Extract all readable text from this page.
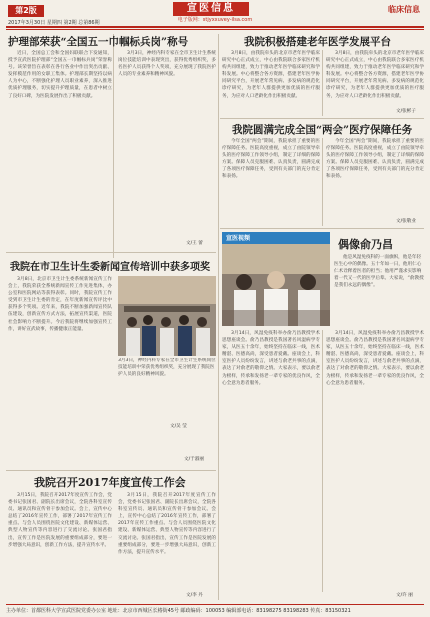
第2版	宣医信息
电子版网：stjyxxuvey-ilsa.com
临床信息
2017年3月30日 星期四 第2期 总第86期
护理部荣获“全国五一巾帼标兵岗”称号
近日，全国总工会和全国妇联联合下发通知，授予宣武医院护理部“全国五一巾帼标兵岗”荣誉称号。该荣誉旨在表彰在各行各业中作出突出贡献、发挥模范作用的女职工集体。护理部长期坚持以病人为中心，不断强化护理人员职业素养，深入推进优质护理服务，切实提升护理质量，在患者中树立了良好口碑，为医院发展作出了积极贡献。
文/王 蕾
3月3日，神经内科专家在全市卫生计生系统岗位技能培训中表现突出，获得优秀组织奖，多名医护人员获得个人奖项，充分展现了我院医护人员的专业素养和精神风貌。
我院在市卫生计生委新闻宣传培训中获多项奖
3月8日，北京市卫生计生委系统新闻宣传工作会上，我院荣获全系统新闻宣传工作先进集体，办公室和医院网站等获得表彰。同时，我院宣传工作受到市卫生计生委的肯定，在年度新闻宣传评比中获得多个奖项。近年来，我院不断加强新闻宣传队伍建设，创新宣传方式方法，拓展宣传渠道，医院社会影响力不断提升。今后我院将继续加强宣传工作，讲好宣武故事，传播健康正能量。
3月3日，神经内科专家在全市卫生计生系统岗位技能培训中荣获优秀组织奖，充分展现了我院医护人员的良好精神风貌。
文/吴 莹
文/于淑丽
我院召开2017年度宣传工作会
3月15日，我院召开2017年度宣传工作会，党委书记张国君、副院长出席会议，全院各科室宣传员、通讯员和宣传骨干参加会议。会上，宣传中心总结了2016年宣传工作，部署了2017年宣传工作重点。与会人员围绕医院文化建设、新媒体运营、典型人物宣传等内容进行了交流讨论。张国君指出，宣传工作是医院发展的重要组成部分，要进一步增强大局意识，创新工作方法，提升宣传水平。
3月15日，我院召开2017年度宣传工作会，党委书记张国君、副院长出席会议，全院各科室宣传员、通讯员和宣传骨干参加会议。会上，宣传中心总结了2016年宣传工作，部署了2017年宣传工作重点。与会人员围绕医院文化建设、新媒体运营、典型人物宣传等内容进行了交流讨论。张国君指出，宣传工作是医院发展的重要组成部分，要进一步增强大局意识，创新工作方法，提升宣传水平。
文/李 丹
我院积极搭建老年医学发展平台
3月8日，由我院牵头的北京市老年医学临床研究中心正式成立，中心由我院联合多家医疗机构共同组建，致力于推动老年医学临床研究和学科发展。中心将整合各方资源，搭建老年医学协同研究平台，开展老年常见病、多发病的规范化诊疗研究，为老年人群提供更加优质的医疗服务，为应对人口老龄化作出积极贡献。
3月8日，由我院牵头的北京市老年医学临床研究中心正式成立，中心由我院联合多家医疗机构共同组建，致力于推动老年医学临床研究和学科发展。中心将整合各方资源，搭建老年医学协同研究平台，开展老年常见病、多发病的规范化诊疗研究，为老年人群提供更加优质的医疗服务，为应对人口老龄化作出积极贡献。
文/张彬子
我院圆满完成全国“两会”医疗保障任务
今年全国“两会”期间，我院承担了重要的医疗保障任务。医院高度重视，成立了由院领导牵头的医疗保障工作领导小组，制定了详细的保障方案。保障人员克服困难、认真负责，圆满完成了各项医疗保障任务，受到有关部门的充分肯定和表扬。
今年全国“两会”期间，我院承担了重要的医疗保障任务。医院高度重视，成立了由院领导牵头的医疗保障工作领导小组，制定了详细的保障方案。保障人员克服困难、认真负责，圆满完成了各项医疗保障任务，受到有关部门的充分肯定和表扬。
文/张敬业
宣医视频	偶像俞乃昌
他是风湿免疫科的一面旗帜，他是年轻医生心中的偶像。五十年如一日，他用仁心仁术诠释着医者的担当；他用严谨求实影响着一代又一代的医学后辈。大家说，“俞教授是我们永远的偶像”。
3月14日，风湿免疫科举办俞乃昌教授学术思想座谈会。俞乃昌教授是我国著名风湿病学专家，从医五十余年，始终坚持在临床一线，医术精湛、医德高尚，深受患者爱戴。座谈会上，科室医护人员纷纷发言，讲述与俞老共事的点滴，表达了对俞老的敬仰之情。大家表示，要以俞老为榜样，传承和发扬老一辈专家的优良作风，全心全意为患者服务。
3月14日，风湿免疫科举办俞乃昌教授学术思想座谈会。俞乃昌教授是我国著名风湿病学专家，从医五十余年，始终坚持在临床一线，医术精湛、医德高尚，深受患者爱戴。座谈会上，科室医护人员纷纷发言，讲述与俞老共事的点滴，表达了对俞老的敬仰之情。大家表示，要以俞老为榜样，传承和发扬老一辈专家的优良作风，全心全意为患者服务。
文/许 丽
主办单位：首都医科大学宣武医院党委办公室 地址：北京市西城区长椿街45号 邮政编码：100053 编辑部电话：83198275 83198283 传真：83150321
